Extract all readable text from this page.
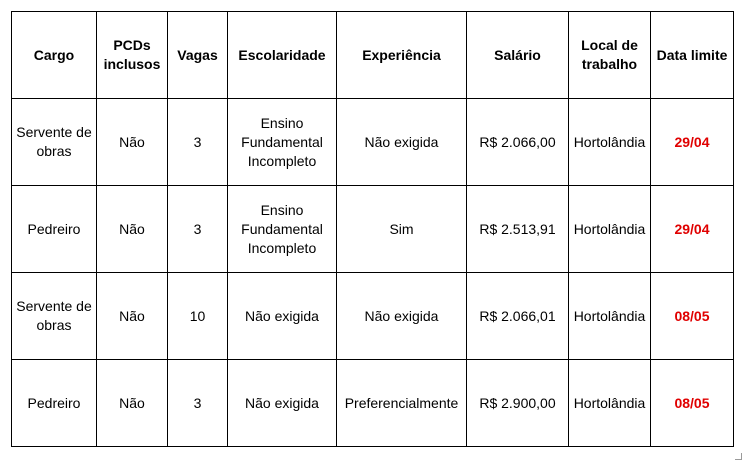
Cargo	PCDs inclusos	Vagas	Escolaridade	Experiência	Salário	Local de trabalho	Data limite
Servente de obras	Não	3	Ensino Fundamental Incompleto	Não exigida	R$ 2.066,00	Hortolândia	29/04
Pedreiro	Não	3	Ensino Fundamental Incompleto	Sim	R$ 2.513,91	Hortolândia	29/04
Servente de obras	Não	10	Não exigida	Não exigida	R$ 2.066,01	Hortolândia	08/05
Pedreiro	Não	3	Não exigida	Preferencialmente	R$ 2.900,00	Hortolândia	08/05
